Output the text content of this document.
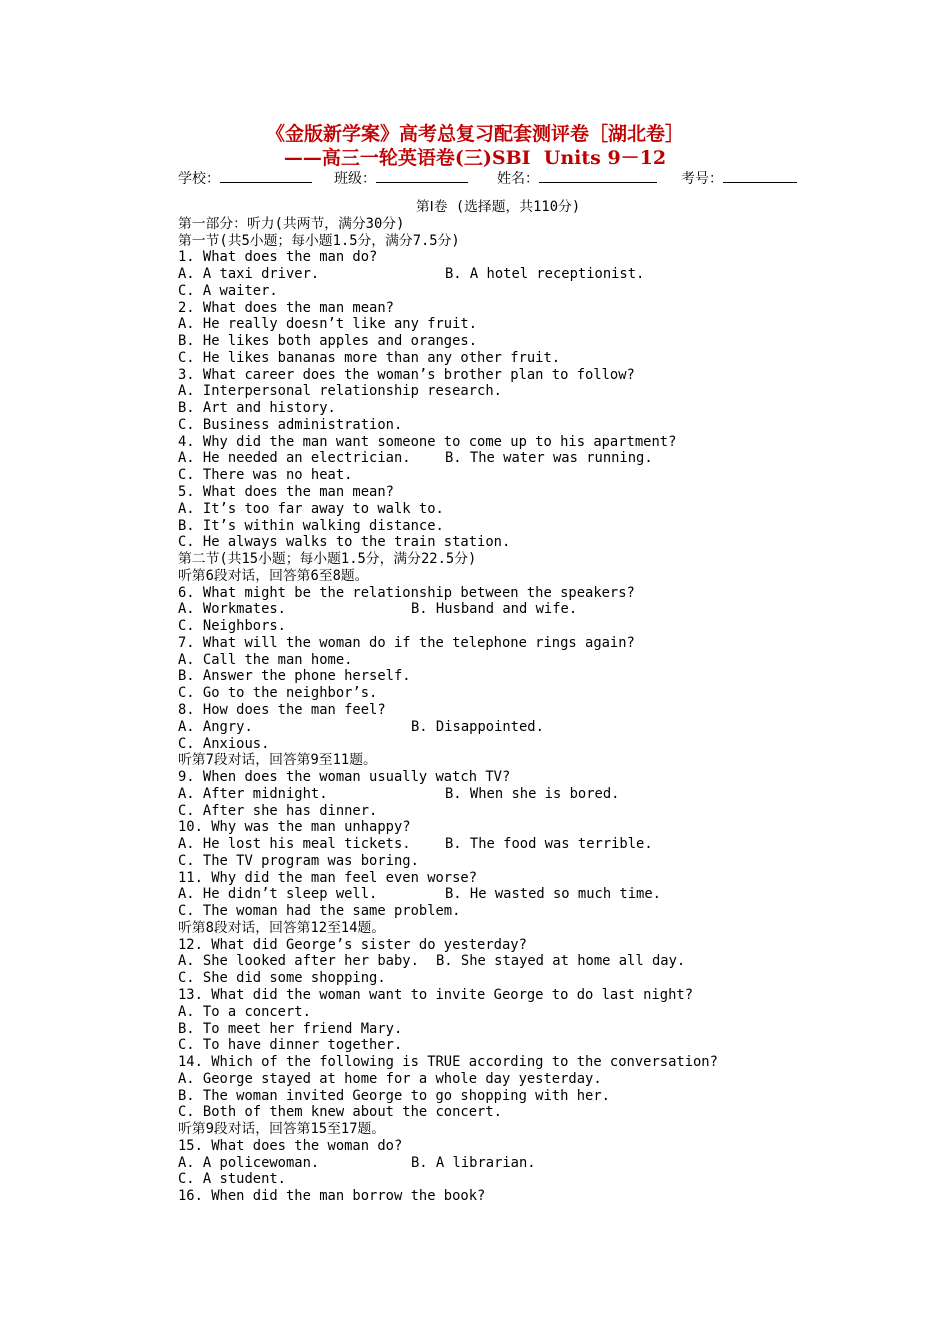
《金版新学案》高考总复习配套测评卷［湖北卷］
——高三一轮英语卷(三)SBⅠ  Units 9－12
学校：	班级：	姓名：	考号：
第Ⅰ卷 (选择题，共110分)
第一部分：听力(共两节，满分30分)
第一节(共5小题；每小题1.5分，满分7.5分)
1. What does the man do?
A. A taxi driver.	B. A hotel receptionist.
C. A waiter.
2. What does the man mean?
A. He really doesn’t like any fruit.
B. He likes both apples and oranges.
C. He likes bananas more than any other fruit.
3. What career does the woman’s brother plan to follow?
A. Interpersonal relationship research.
B. Art and history.
C. Business administration.
4. Why did the man want someone to come up to his apartment?
A. He needed an electrician. B. The water was running.
C. There was no heat.
5. What does the man mean?
A. It’s too far away to walk to.
B. It’s within walking distance.
C. He always walks to the train station.
第二节(共15小题；每小题1.5分，满分22.5分)
听第6段对话，回答第6至8题。
6. What might be the relationship between the speakers?
A. Workmates.	B. Husband and wife.
C. Neighbors.
7. What will the woman do if the telephone rings again?
A. Call the man home.
B. Answer the phone herself.
C. Go to the neighbor’s.
8. How does the man feel?
A. Angry.	B. Disappointed.
C. Anxious.
听第7段对话，回答第9至11题。
9. When does the woman usually watch TV?
A. After midnight.	B. When she is bored.
C. After she has dinner.
10. Why was the man unhappy?
A. He lost his meal tickets. B. The food was terrible.
C. The TV program was boring.
11. Why did the man feel even worse?
A. He didn’t sleep well.	B. He wasted so much time.
C. The woman had the same problem.
听第8段对话，回答第12至14题。
12. What did George’s sister do yesterday?
A. She looked after her baby. B. She stayed at home all day.
C. She did some shopping.
13. What did the woman want to invite George to do last night?
A. To a concert.
B. To meet her friend Mary.
C. To have dinner together.
14. Which of the following is TRUE according to the conversation?
A. George stayed at home for a whole day yesterday.
B. The woman invited George to go shopping with her.
C. Both of them knew about the concert.
听第9段对话，回答第15至17题。
15. What does the woman do?
A. A policewoman.	B. A librarian.
C. A student.
16. When did the man borrow the book?
